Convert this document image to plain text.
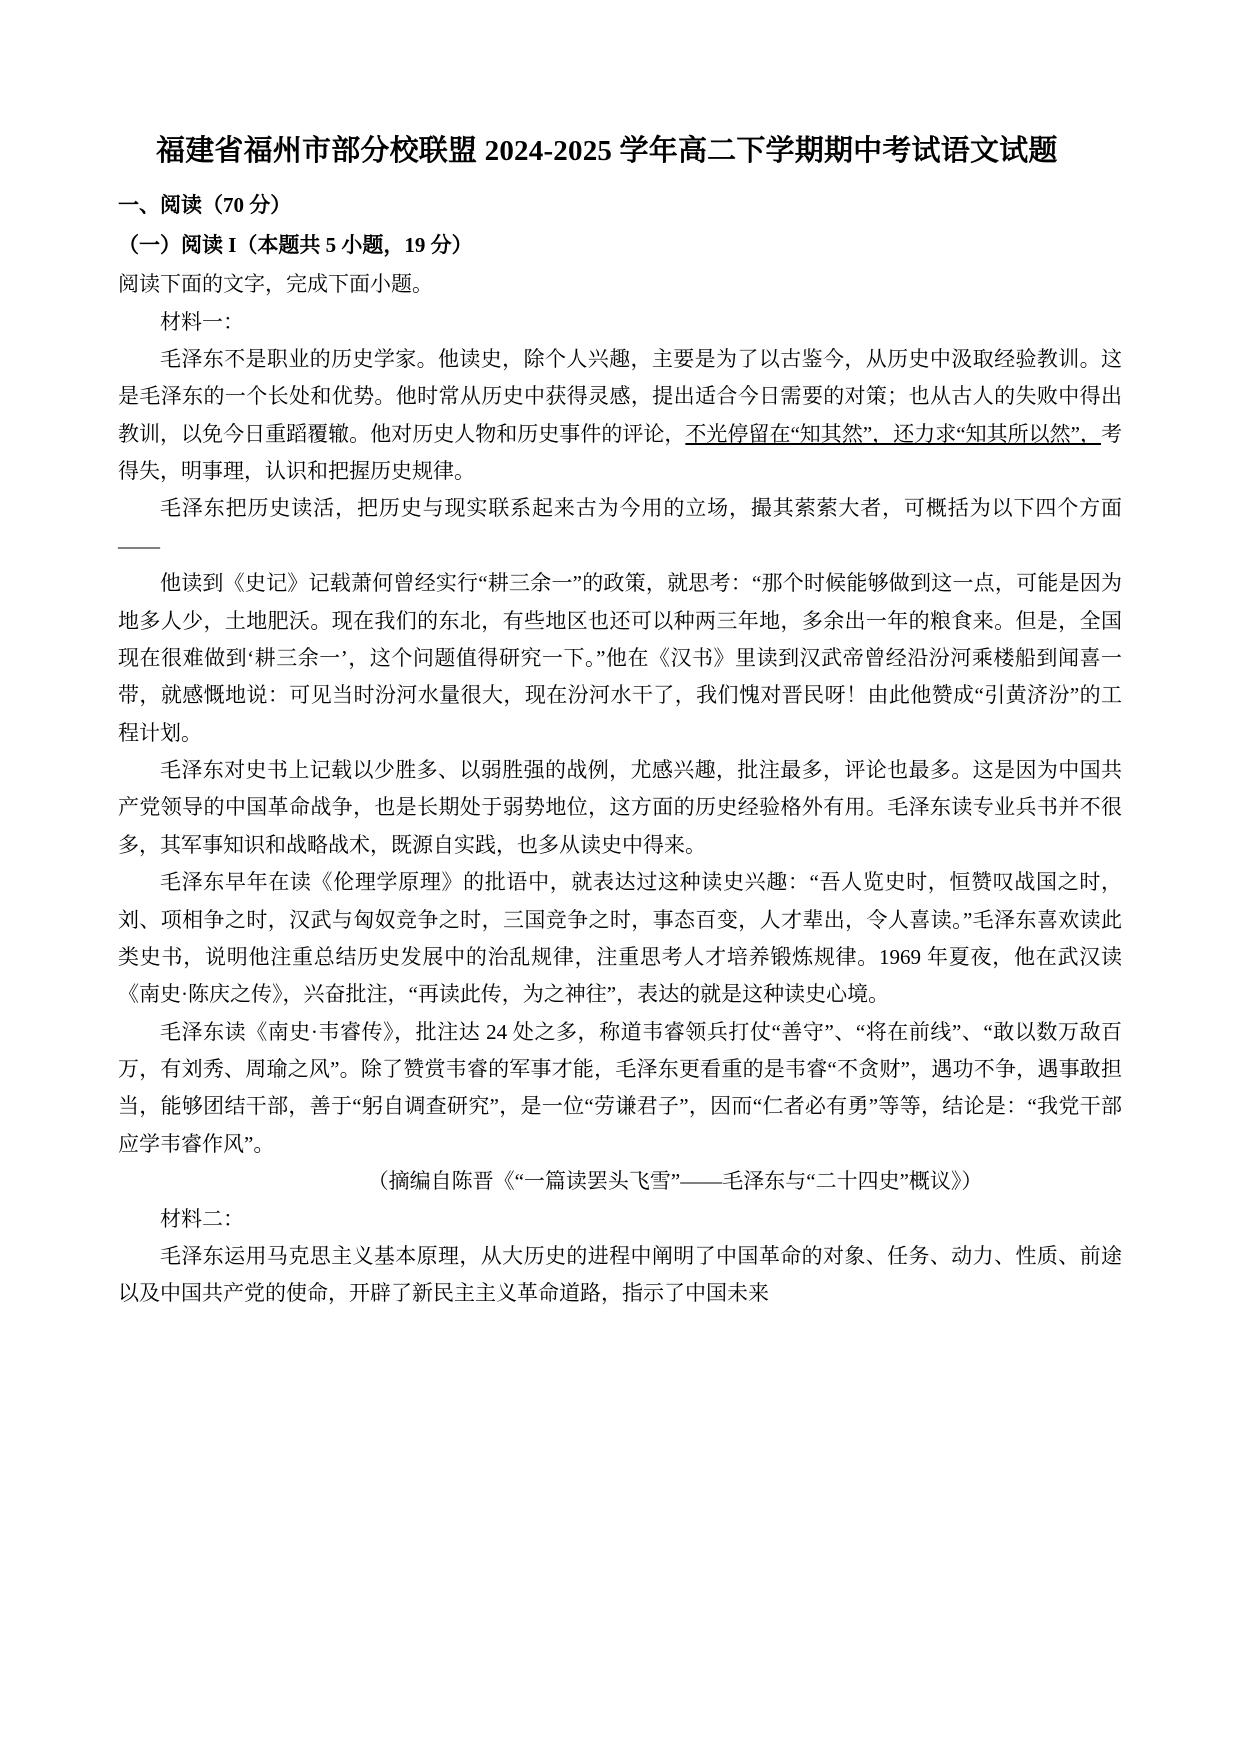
福建省福州市部分校联盟 2024-2025 学年高二下学期期中考试语文试题
一、阅读（70 分）
（一）阅读 I（本题共 5 小题，19 分）

阅读下面的文字，完成下面小题。

材料一：

毛泽东不是职业的历史学家。他读史，除个人兴趣，主要是为了以古鉴今，从历史中汲取经验教训。这是毛泽东的一个长处和优势。他时常从历史中获得灵感，提出适合今日需要的对策；也从古人的失败中得出教训，以免今日重蹈覆辙。他对历史人物和历史事件的评论，不光停留在“知其然”，还力求“知其所以然”，考得失，明事理，认识和把握历史规律。

毛泽东把历史读活，把历史与现实联系起来古为今用的立场，撮其萦萦大者，可概括为以下四个方面——

他读到《史记》记载萧何曾经实行“耕三余一”的政策，就思考：“那个时候能够做到这一点，可能是因为地多人少，土地肥沃。现在我们的东北，有些地区也还可以种两三年地，多余出一年的粮食来。但是，全国现在很难做到‘耕三余一’，这个问题值得研究一下。”他在《汉书》里读到汉武帝曾经沿汾河乘楼船到闻喜一带，就感慨地说：可见当时汾河水量很大，现在汾河水干了，我们愧对晋民呀！由此他赞成“引黄济汾”的工程计划。

毛泽东对史书上记载以少胜多、以弱胜强的战例，尤感兴趣，批注最多，评论也最多。这是因为中国共产党领导的中国革命战争，也是长期处于弱势地位，这方面的历史经验格外有用。毛泽东读专业兵书并不很多，其军事知识和战略战术，既源自实践，也多从读史中得来。

毛泽东早年在读《伦理学原理》的批语中，就表达过这种读史兴趣：“吾人览史时，恒赞叹战国之时，刘、项相争之时，汉武与匈奴竞争之时，三国竞争之时，事态百变，人才辈出，令人喜读。”毛泽东喜欢读此类史书，说明他注重总结历史发展中的治乱规律，注重思考人才培养锻炼规律。1969 年夏夜，他在武汉读《南史·陈庆之传》，兴奋批注，“再读此传，为之神往”，表达的就是这种读史心境。

毛泽东读《南史·韦睿传》，批注达 24 处之多，称道韦睿领兵打仗“善守”、“将在前线”、“敢以数万敌百万，有刘秀、周瑜之风”。除了赞赏韦睿的军事才能，毛泽东更看重的是韦睿“不贪财”，遇功不争，遇事敢担当，能够团结干部，善于“躬自调查研究”，是一位“劳谦君子”，因而“仁者必有勇”等等，结论是：“我党干部应学韦睿作风”。

（摘编自陈晋《“一篇读罢头飞雪”——毛泽东与“二十四史”概议》）

材料二：

毛泽东运用马克思主义基本原理，从大历史的进程中阐明了中国革命的对象、任务、动力、性质、前途以及中国共产党的使命，开辟了新民主主义革命道路，指示了中国未来
